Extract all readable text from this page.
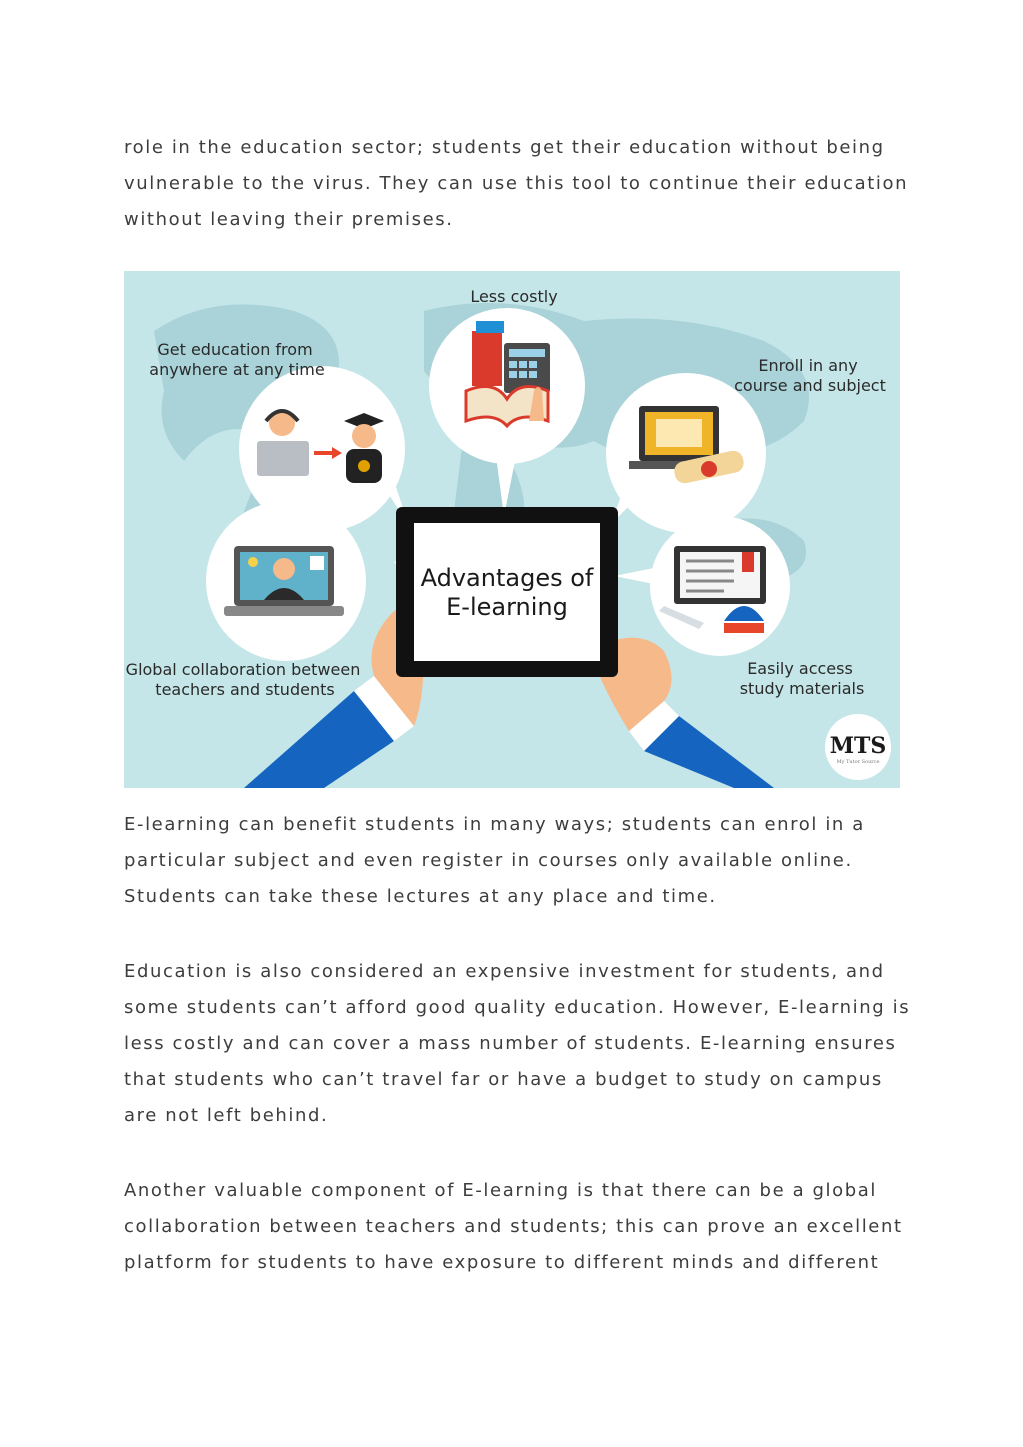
role in the education sector; students get their education without being
vulnerable to the virus. They can use this tool to continue their education
without leaving their premises.

Advantages of
E-learning
Less costly
Get education from
anywhere at any time	Enroll in any
course and subject
Global collaboration between
teachers and students
Easily access
study materials
MTS
My Tutor Source

E-learning can benefit students in many ways; students can enrol in a
particular subject and even register in courses only available online.
Students can take these lectures at any place and time.

Education is also considered an expensive investment for students, and
some students can’t afford good quality education. However, E-learning is
less costly and can cover a mass number of students. E-learning ensures
that students who can’t travel far or have a budget to study on campus
are not left behind.

Another valuable component of E-learning is that there can be a global
collaboration between teachers and students; this can prove an excellent
platform for students to have exposure to different minds and different
